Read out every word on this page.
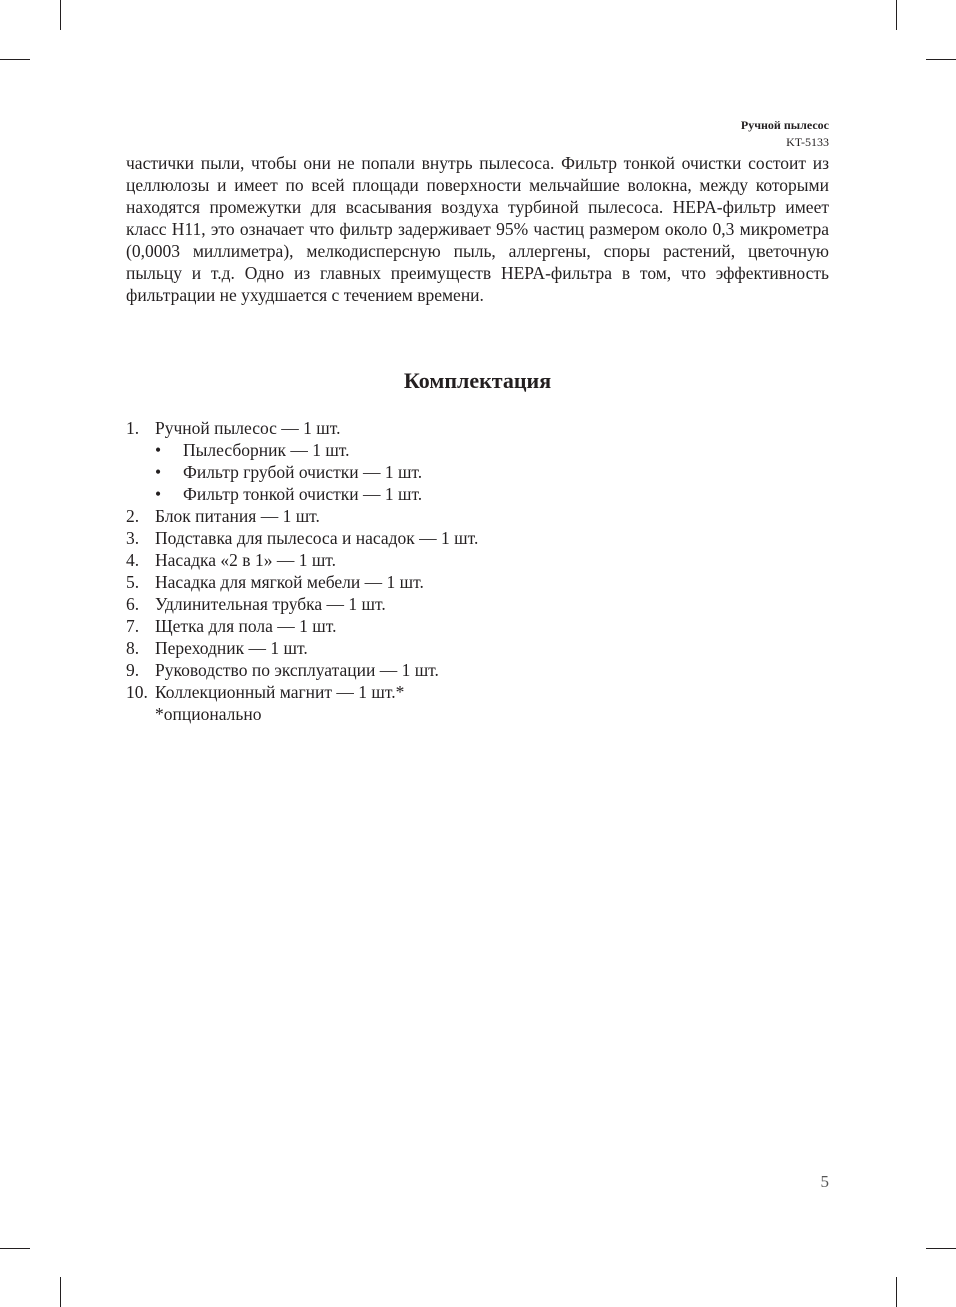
Ручной пылесос
KT-5133

частички пыли, чтобы они не попали внутрь пылесоса. Фильтр тонкой очистки состоит из целлюлозы и имеет по всей площади поверхности мельчайшие волокна, между которыми находятся промежутки для всасывания воздуха турбиной пылесоса. HEPA-фильтр имеет класс H11, это означает что фильтр задерживает 95% частиц размером около 0,3 микрометра (0,0003 миллиметра), мелкодисперсную пыль, аллергены, споры растений, цветочную пыльцу и т.д. Одно из главных преимуществ HEPA-фильтра в том, что эффективность фильтрации не ухудшается с течением времени.

Комплектация
1. Ручной пылесос — 1 шт.
•	Пылесборник — 1 шт.
•	Фильтр грубой очистки — 1 шт.
•	Фильтр тонкой очистки — 1 шт.
2. Блок питания — 1 шт.
3. Подставка для пылесоса и насадок — 1 шт.
4. Насадка «2 в 1» — 1 шт.
5. Насадка для мягкой мебели — 1 шт.
6. Удлинительная трубка — 1 шт.
7. Щетка для пола — 1 шт.
8. Переходник — 1 шт.
9. Руководство по эксплуатации — 1 шт.
10. Коллекционный магнит — 1 шт.*
*опционально
5
